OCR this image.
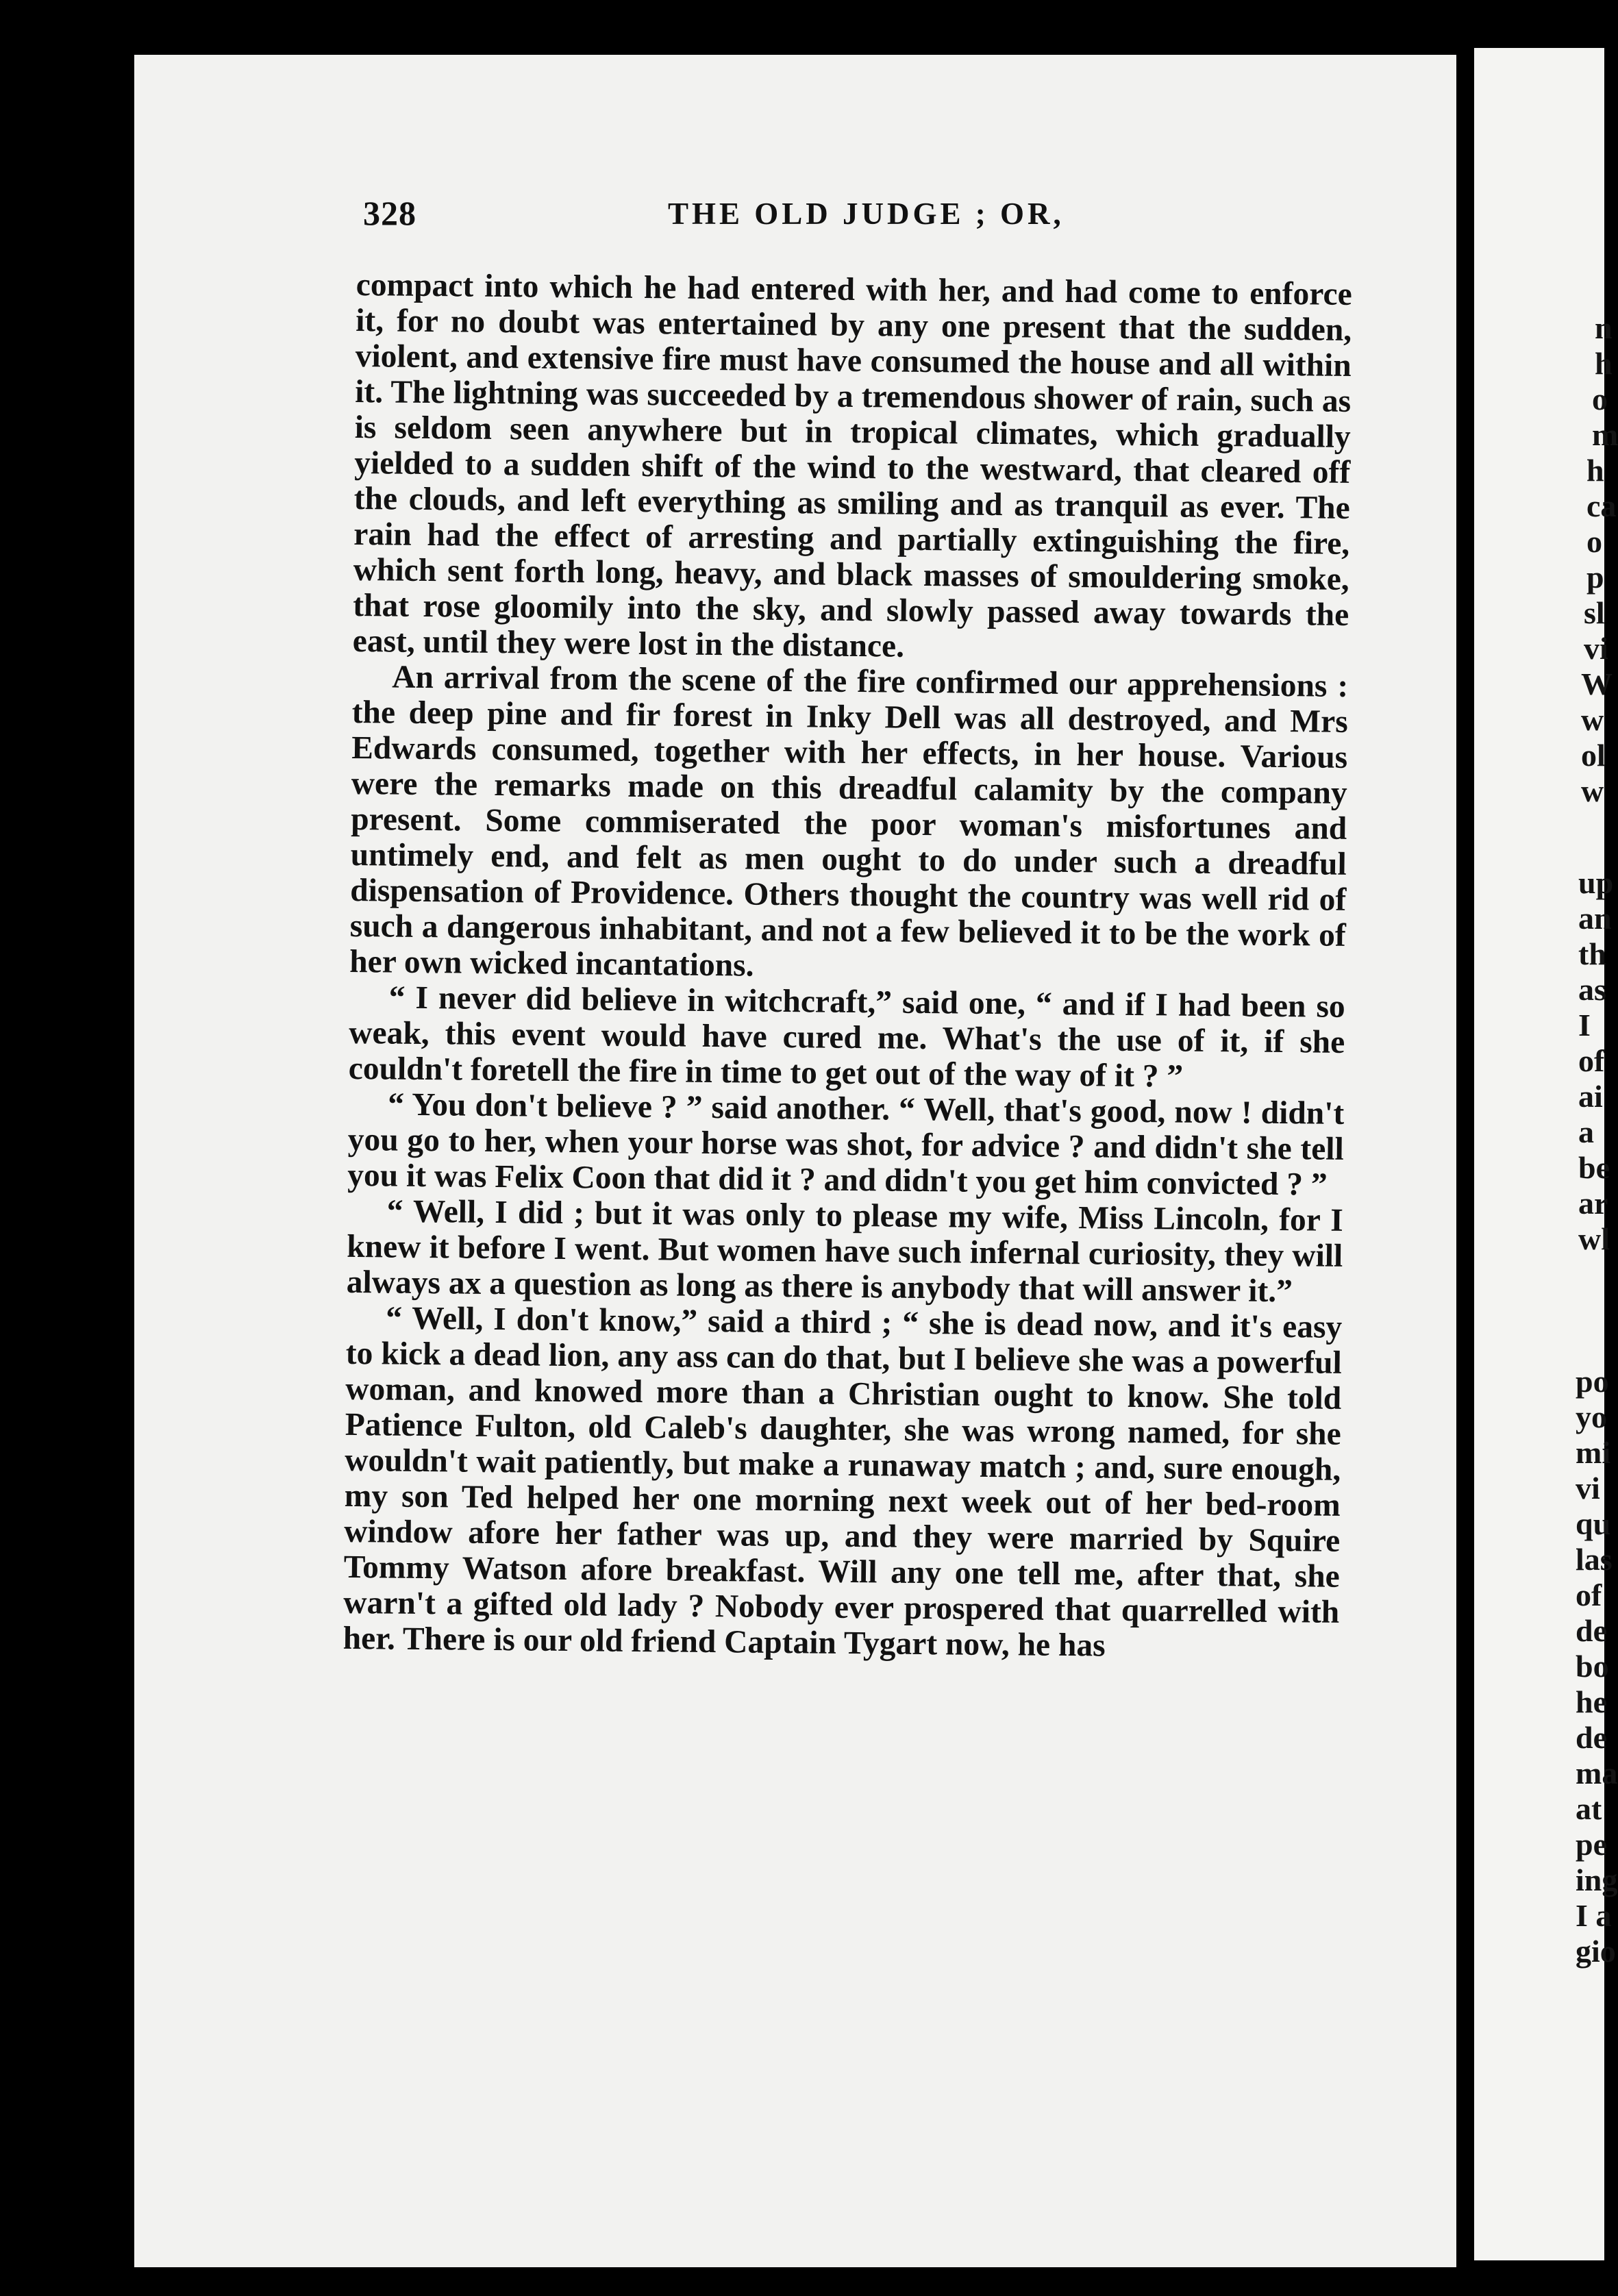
328	THE OLD JUDGE ; OR,

compact into which he had entered with her, and had come to enforce it, for no doubt was entertained by any one present that the sudden, violent, and extensive fire must have consumed the house and all within it. The lightning was succeeded by a tremendous shower of rain, such as is seldom seen anywhere but in tropical climates, which gradually yielded to a sudden shift of the wind to the westward, that cleared off the clouds, and left everything as smiling and as tranquil as ever. The rain had the effect of arresting and partially extinguishing the fire, which sent forth long, heavy, and black masses of smouldering smoke, that rose gloomily into the sky, and slowly passed away towards the east, until they were lost in the distance.

An arrival from the scene of the fire confirmed our apprehensions : the deep pine and fir forest in Inky Dell was all destroyed, and Mrs Edwards consumed, together with her effects, in her house. Various were the remarks made on this dreadful calamity by the company present. Some commiserated the poor woman's misfortunes and untimely end, and felt as men ought to do under such a dreadful dispensation of Providence. Others thought the country was well rid of such a dangerous inhabitant, and not a few believed it to be the work of her own wicked incantations.

“ I never did believe in witchcraft,” said one, “ and if I had been so weak, this event would have cured me. What's the use of it, if she couldn't foretell the fire in time to get out of the way of it ? ”

“ You don't believe ? ” said another. “ Well, that's good, now ! didn't you go to her, when your horse was shot, for advice ? and didn't she tell you it was Felix Coon that did it ? and didn't you get him convicted ? ”

“ Well, I did ; but it was only to please my wife, Miss Lincoln, for I knew it before I went. But women have such infernal curiosity, they will always ax a question as long as there is anybody that will answer it.”

“ Well, I don't know,” said a third ; “ she is dead now, and it's easy to kick a dead lion, any ass can do that, but I believe she was a powerful woman, and knowed more than a Christian ought to know. She told Patience Fulton, old Caleb's daughter, she was wrong named, for she wouldn't wait patiently, but make a runaway match ; and, sure enough, my son Ted helped her one morning next week out of her bed-room window afore her father was up, and they were married by Squire Tommy Watson afore breakfast. Will any one tell me, after that, she warn't a gifted old lady ? Nobody ever prospered that quarrelled with her. There is our old friend Captain Tygart now, he has

n
h
o
m
h
ca
o
p
sl
vi
W
w
ol
w
up
an
th
as
I
of
ai
a
be
ar
wl
po
yo
mi
vi
qu
las
of
de
bo
he
de
ma
at
pe
ing
I a
gio
